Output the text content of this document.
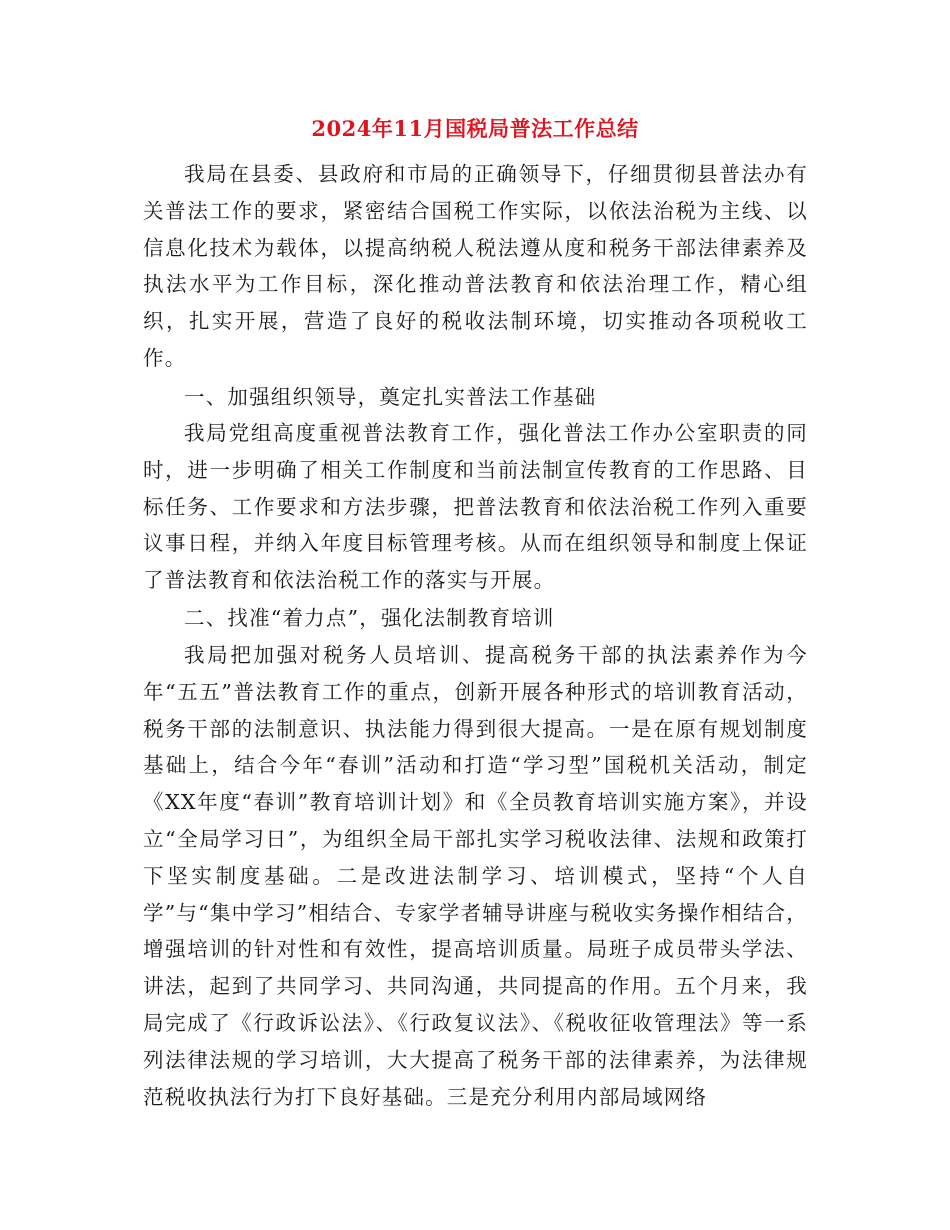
2024年11月国税局普法工作总结

我局在县委、县政府和市局的正确领导下，仔细贯彻县普法办有关普法工作的要求，紧密结合国税工作实际，以依法治税为主线、以信息化技术为载体，以提高纳税人税法遵从度和税务干部法律素养及执法水平为工作目标，深化推动普法教育和依法治理工作，精心组织，扎实开展，营造了良好的税收法制环境，切实推动各项税收工作。

一、加强组织领导，奠定扎实普法工作基础

我局党组高度重视普法教育工作，强化普法工作办公室职责的同时，进一步明确了相关工作制度和当前法制宣传教育的工作思路、目标任务、工作要求和方法步骤，把普法教育和依法治税工作列入重要议事日程，并纳入年度目标管理考核。从而在组织领导和制度上保证了普法教育和依法治税工作的落实与开展。

二、找准“着力点”，强化法制教育培训

我局把加强对税务人员培训、提高税务干部的执法素养作为今年“五五”普法教育工作的重点，创新开展各种形式的培训教育活动，税务干部的法制意识、执法能力得到很大提高。一是在原有规划制度基础上，结合今年“春训”活动和打造“学习型”国税机关活动，制定《XX年度“春训”教育培训计划》和《全员教育培训实施方案》，并设立“全局学习日”，为组织全局干部扎实学习税收法律、法规和政策打下坚实制度基础。二是改进法制学习、培训模式，坚持“个人自学”与“集中学习”相结合、专家学者辅导讲座与税收实务操作相结合，增强培训的针对性和有效性，提高培训质量。局班子成员带头学法、讲法，起到了共同学习、共同沟通，共同提高的作用。五个月来，我局完成了《行政诉讼法》、《行政复议法》、《税收征收管理法》等一系列法律法规的学习培训，大大提高了税务干部的法律素养，为法律规范税收执法行为打下良好基础。三是充分利用内部局域网络
